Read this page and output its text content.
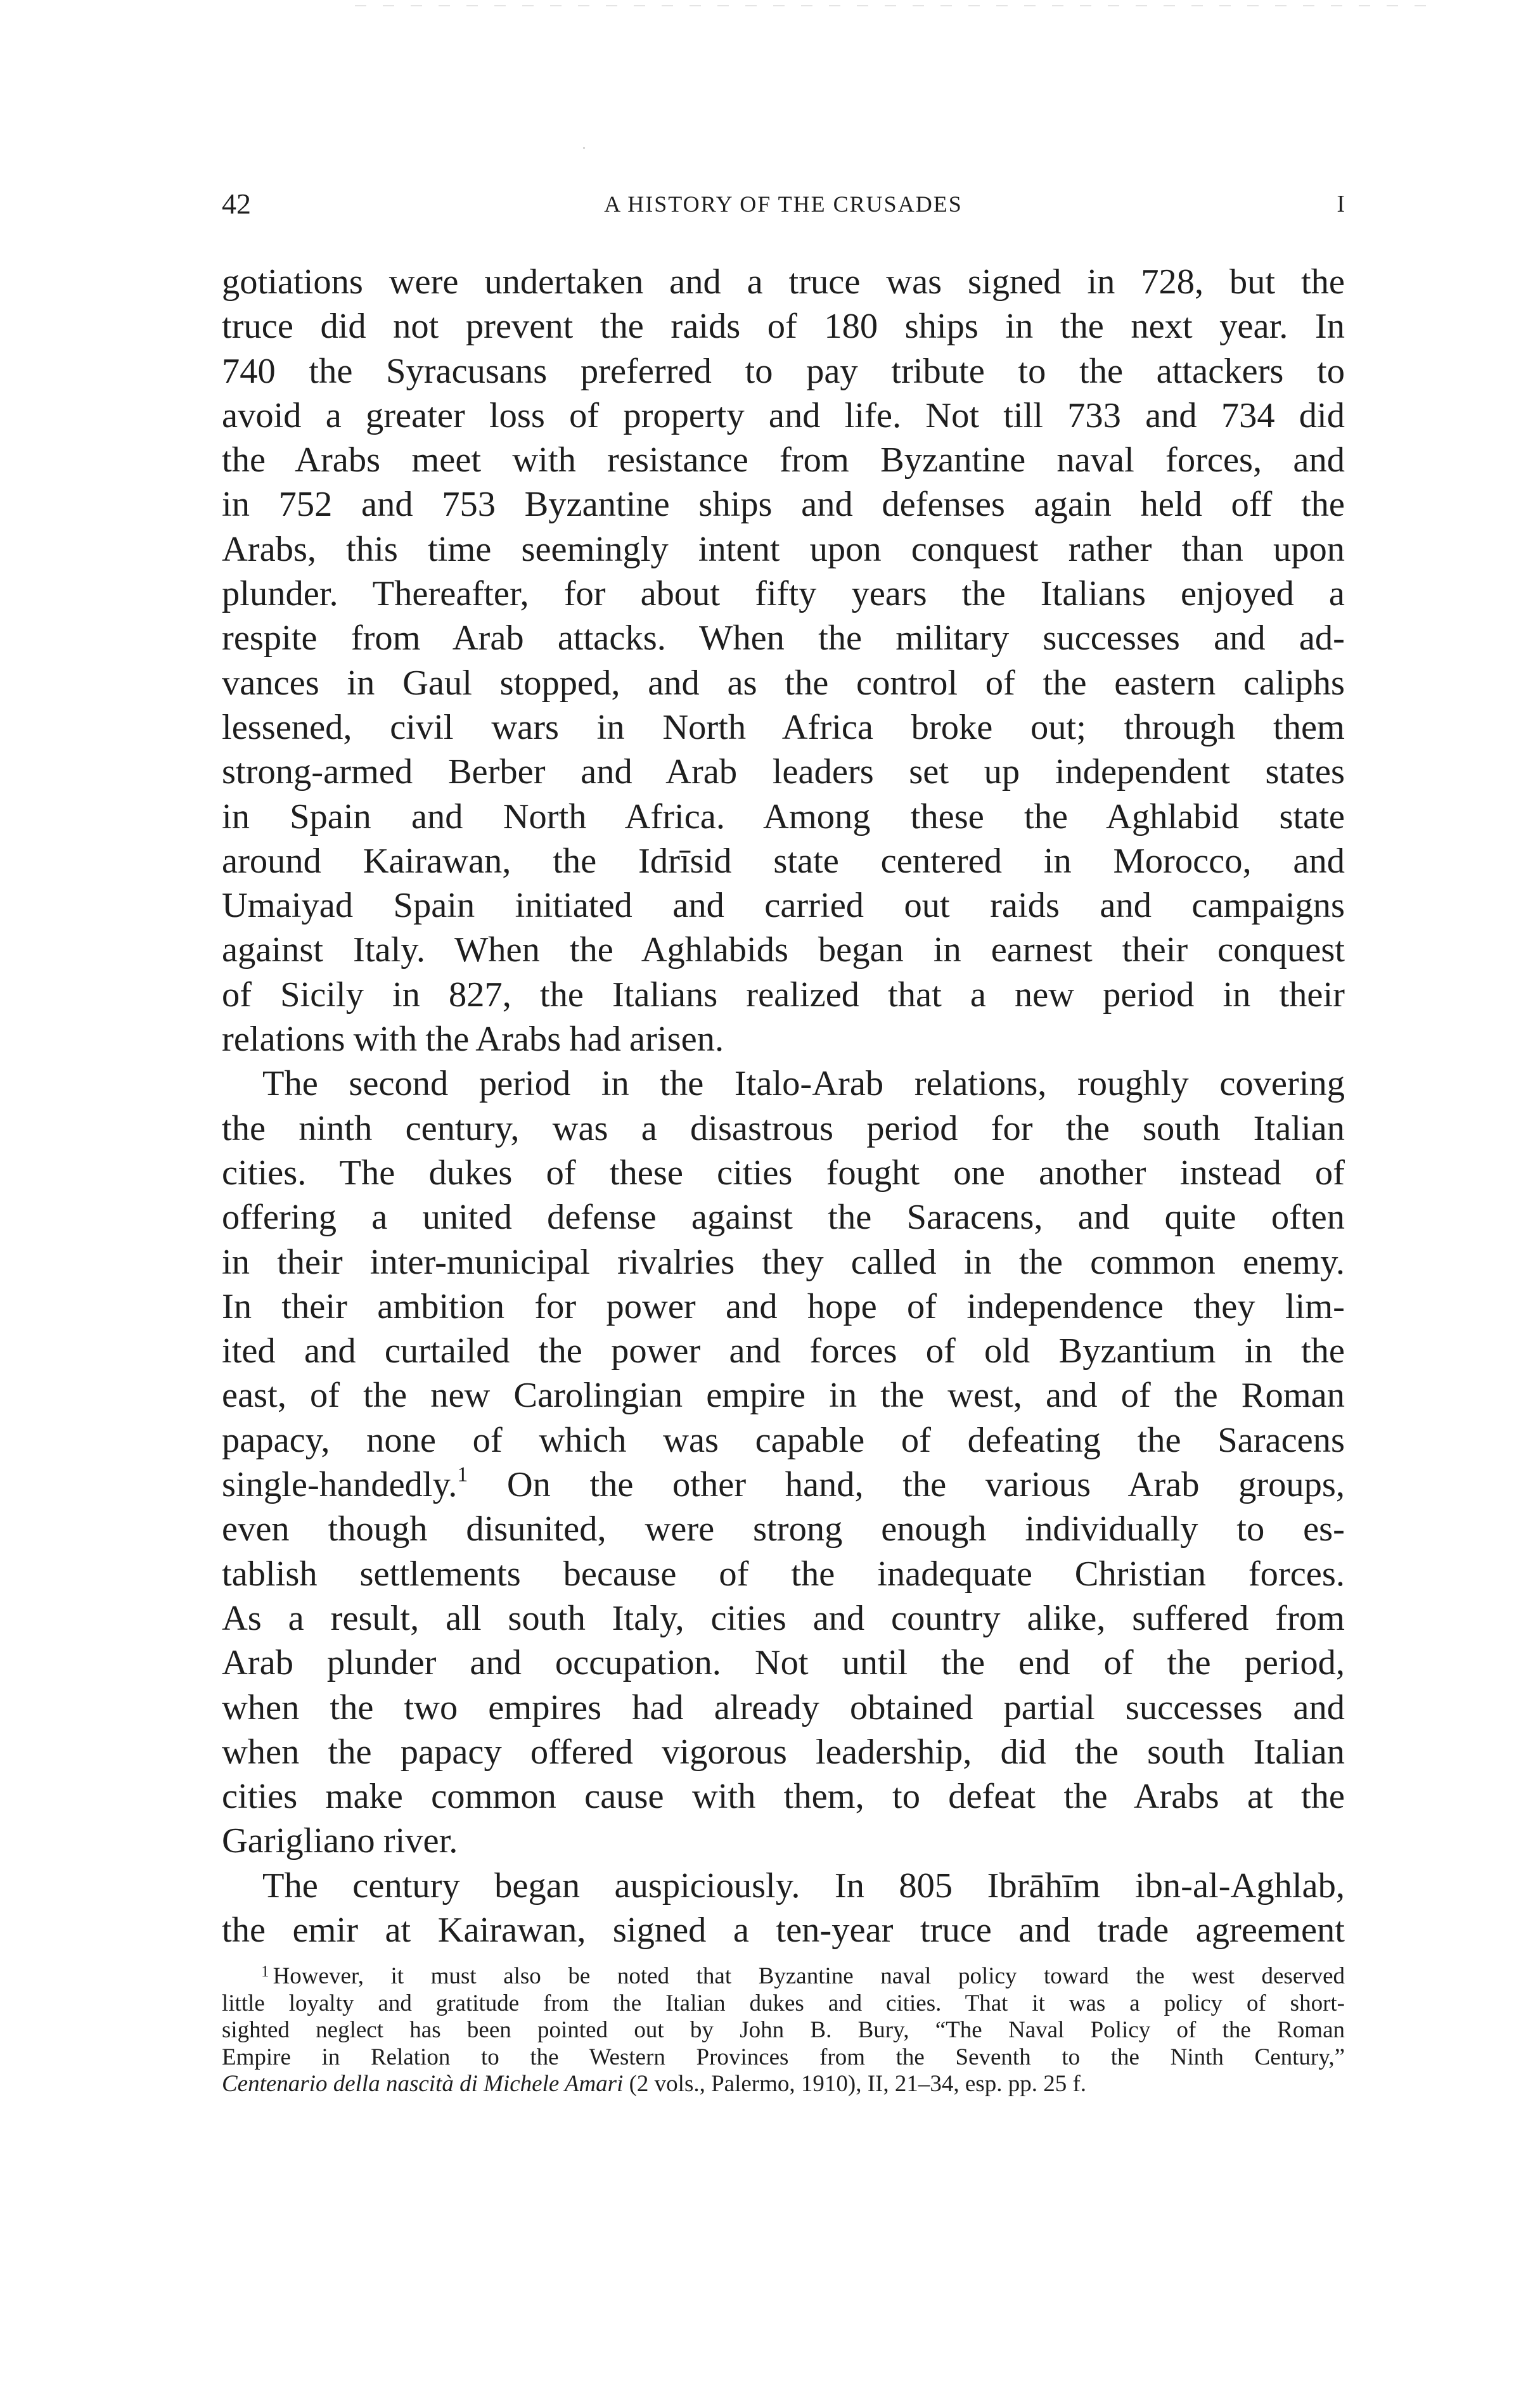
42	A HISTORY OF THE CRUSADES	I
gotiations were undertaken and a truce was signed in 728, but the
truce did not prevent the raids of 180 ships in the next year. In
740 the Syracusans preferred to pay tribute to the attackers to
avoid a greater loss of property and life. Not till 733 and 734 did
the Arabs meet with resistance from Byzantine naval forces, and
in 752 and 753 Byzantine ships and defenses again held off the
Arabs, this time seemingly intent upon conquest rather than upon
plunder. Thereafter, for about fifty years the Italians enjoyed a
respite from Arab attacks. When the military successes and ad-
vances in Gaul stopped, and as the control of the eastern caliphs
lessened, civil wars in North Africa broke out; through them
strong-armed Berber and Arab leaders set up independent states
in Spain and North Africa. Among these the Aghlabid state
around Kairawan, the Idrīsid state centered in Morocco, and
Umaiyad Spain initiated and carried out raids and campaigns
against Italy. When the Aghlabids began in earnest their conquest
of Sicily in 827, the Italians realized that a new period in their
relations with the Arabs had arisen.
The second period in the Italo-Arab relations, roughly covering
the ninth century, was a disastrous period for the south Italian
cities. The dukes of these cities fought one another instead of
offering a united defense against the Saracens, and quite often
in their inter-municipal rivalries they called in the common enemy.
In their ambition for power and hope of independence they lim-
ited and curtailed the power and forces of old Byzantium in the
east, of the new Carolingian empire in the west, and of the Roman
papacy, none of which was capable of defeating the Saracens
single-handedly.$^1$ On the other hand, the various Arab groups,
even though disunited, were strong enough individually to es-
tablish settlements because of the inadequate Christian forces.
As a result, all south Italy, cities and country alike, suffered from
Arab plunder and occupation. Not until the end of the period,
when the two empires had already obtained partial successes and
when the papacy offered vigorous leadership, did the south Italian
cities make common cause with them, to defeat the Arabs at the
Garigliano river.
The century began auspiciously. In 805 Ibrāhīm ibn-al-Aghlab,
the emir at Kairawan, signed a ten-year truce and trade agreement
$^1$ However, it must also be noted that Byzantine naval policy toward the west deserved
little loyalty and gratitude from the Italian dukes and cities. That it was a policy of short-
sighted neglect has been pointed out by John B. Bury, “The Naval Policy of the Roman
Empire in Relation to the Western Provinces from the Seventh to the Ninth Century,”
Centenario della nascità di Michele Amari (2 vols., Palermo, 1910), II, 21–34, esp. pp. 25 f.
